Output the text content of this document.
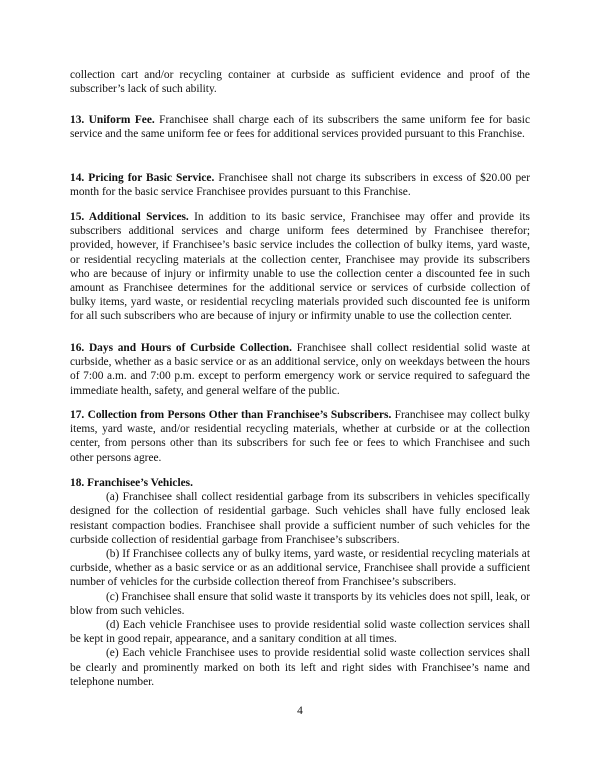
collection cart and/or recycling container at curbside as sufficient evidence and proof of the subscriber’s lack of such ability.

13. Uniform Fee. Franchisee shall charge each of its subscribers the same uniform fee for basic service and the same uniform fee or fees for additional services provided pursuant to this Franchise.

14. Pricing for Basic Service. Franchisee shall not charge its subscribers in excess of $20.00 per month for the basic service Franchisee provides pursuant to this Franchise.

15. Additional Services. In addition to its basic service, Franchisee may offer and provide its subscribers additional services and charge uniform fees determined by Franchisee therefor; provided, however, if Franchisee’s basic service includes the collection of bulky items, yard waste, or residential recycling materials at the collection center, Franchisee may provide its subscribers who are because of injury or infirmity unable to use the collection center a discounted fee in such amount as Franchisee determines for the additional service or services of curbside collection of bulky items, yard waste, or residential recycling materials provided such discounted fee is uniform for all such subscribers who are because of injury or infirmity unable to use the collection center.

16. Days and Hours of Curbside Collection. Franchisee shall collect residential solid waste at curbside, whether as a basic service or as an additional service, only on weekdays between the hours of 7:00 a.m. and 7:00 p.m. except to perform emergency work or service required to safeguard the immediate health, safety, and general welfare of the public.

17. Collection from Persons Other than Franchisee’s Subscribers. Franchisee may collect bulky items, yard waste, and/or residential recycling materials, whether at curbside or at the collection center, from persons other than its subscribers for such fee or fees to which Franchisee and such other persons agree.

18. Franchisee’s Vehicles.

(a) Franchisee shall collect residential garbage from its subscribers in vehicles specifically designed for the collection of residential garbage. Such vehicles shall have fully enclosed leak resistant compaction bodies. Franchisee shall provide a sufficient number of such vehicles for the curbside collection of residential garbage from Franchisee’s subscribers.

(b) If Franchisee collects any of bulky items, yard waste, or residential recycling materials at curbside, whether as a basic service or as an additional service, Franchisee shall provide a sufficient number of vehicles for the curbside collection thereof from Franchisee’s subscribers.

(c) Franchisee shall ensure that solid waste it transports by its vehicles does not spill, leak, or blow from such vehicles.

(d) Each vehicle Franchisee uses to provide residential solid waste collection services shall be kept in good repair, appearance, and a sanitary condition at all times.

(e) Each vehicle Franchisee uses to provide residential solid waste collection services shall be clearly and prominently marked on both its left and right sides with Franchisee’s name and telephone number.

4
